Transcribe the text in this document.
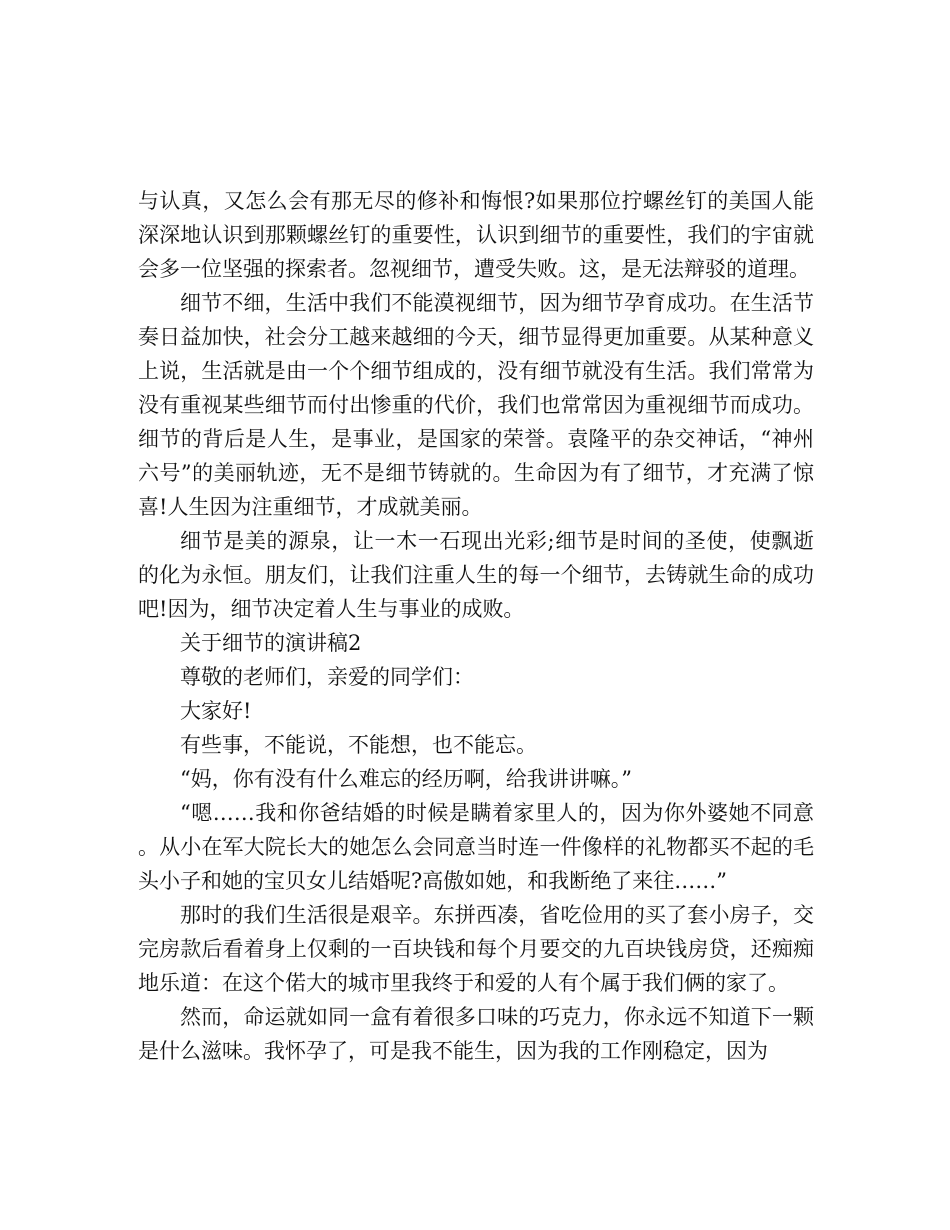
与认真，又怎么会有那无尽的修补和悔恨?如果那位拧螺丝钉的美国人能深深地认识到那颗螺丝钉的重要性，认识到细节的重要性，我们的宇宙就会多一位坚强的探索者。忽视细节，遭受失败。这，是无法辩驳的道理。

细节不细，生活中我们不能漠视细节，因为细节孕育成功。在生活节奏日益加快，社会分工越来越细的今天，细节显得更加重要。从某种意义上说，生活就是由一个个细节组成的，没有细节就没有生活。我们常常为没有重视某些细节而付出惨重的代价，我们也常常因为重视细节而成功。细节的背后是人生，是事业，是国家的荣誉。袁隆平的杂交神话，“神州六号”的美丽轨迹，无不是细节铸就的。生命因为有了细节，才充满了惊喜!人生因为注重细节，才成就美丽。

细节是美的源泉，让一木一石现出光彩;细节是时间的圣使，使飘逝的化为永恒。朋友们，让我们注重人生的每一个细节，去铸就生命的成功吧!因为，细节决定着人生与事业的成败。

关于细节的演讲稿2

尊敬的老师们，亲爱的同学们：

大家好!

有些事，不能说，不能想，也不能忘。

“妈，你有没有什么难忘的经历啊，给我讲讲嘛。”

“嗯……我和你爸结婚的时候是瞒着家里人的，因为你外婆她不同意。从小在军大院长大的她怎么会同意当时连一件像样的礼物都买不起的毛头小子和她的宝贝女儿结婚呢?高傲如她，和我断绝了来往……”

那时的我们生活很是艰辛。东拼西凑，省吃俭用的买了套小房子，交完房款后看着身上仅剩的一百块钱和每个月要交的九百块钱房贷，还痴痴地乐道：在这个偌大的城市里我终于和爱的人有个属于我们俩的家了。

然而，命运就如同一盒有着很多口味的巧克力，你永远不知道下一颗是什么滋味。我怀孕了，可是我不能生，因为我的工作刚稳定，因为
